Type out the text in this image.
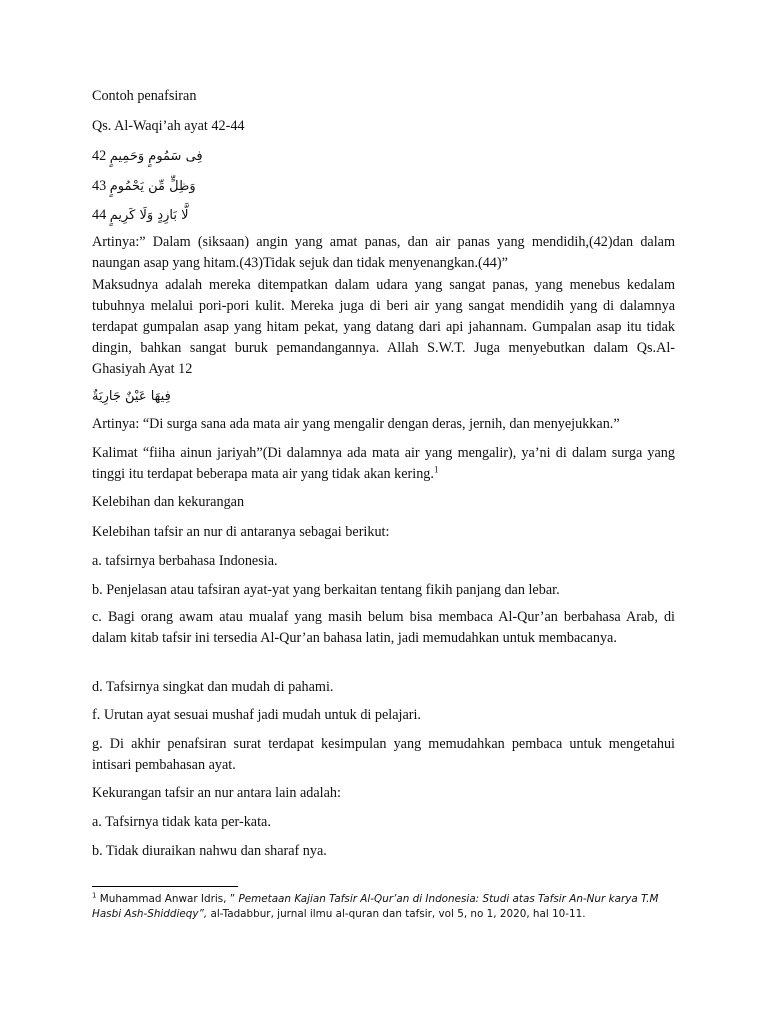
Contoh penafsiran

Qs. Al-Waqi’ah ayat 42-44

42 فِى سَمُومٍ وَحَمِيمٍ
43 وَظِلٍّ مِّن يَحْمُومٍ
44 لَّا بَارِدٍ وَلَا كَرِيمٍ

Artinya:” Dalam (siksaan) angin yang amat panas, dan air panas yang mendidih,(42)dan dalam naungan asap yang hitam.(43)Tidak sejuk dan tidak menyenangkan.(44)”

Maksudnya adalah mereka ditempatkan dalam udara yang sangat panas, yang menebus kedalam tubuhnya melalui pori-pori kulit. Mereka juga di beri air yang sangat mendidih yang di dalamnya terdapat gumpalan asap yang hitam pekat, yang datang dari api jahannam. Gumpalan asap itu tidak dingin, bahkan sangat buruk pemandangannya. Allah S.W.T. Juga menyebutkan dalam Qs.Al-Ghasiyah Ayat 12

فِيهَا عَيْنٌ جَارِيَةٌ

Artinya: “Di surga sana ada mata air yang mengalir dengan deras, jernih, dan menyejukkan.”

Kalimat “fiiha ainun jariyah”(Di dalamnya ada mata air yang mengalir), ya’ni di dalam surga yang tinggi itu terdapat beberapa mata air yang tidak akan kering.$^1$

Kelebihan dan kekurangan

Kelebihan tafsir an nur di antaranya sebagai berikut:

a. tafsirnya berbahasa Indonesia.

b. Penjelasan atau tafsiran ayat-yat yang berkaitan tentang fikih panjang dan lebar.

c. Bagi orang awam atau mualaf yang masih belum bisa membaca Al-Qur’an berbahasa Arab, di dalam kitab tafsir ini tersedia Al-Qur’an bahasa latin, jadi memudahkan untuk membacanya.

d. Tafsirnya singkat dan mudah di pahami.

f. Urutan ayat sesuai mushaf jadi mudah untuk di pelajari.

g. Di akhir penafsiran surat terdapat kesimpulan yang memudahkan pembaca untuk mengetahui intisari pembahasan ayat.

Kekurangan tafsir an nur antara lain adalah:

a. Tafsirnya tidak kata per-kata.

b. Tidak diuraikan nahwu dan sharaf nya.

$^1$ Muhammad Anwar Idris, ” Pemetaan Kajian Tafsir Al-Qur’an di Indonesia: Studi atas Tafsir An-Nur karya T.M Hasbi Ash-Shiddieqy”, al-Tadabbur, jurnal ilmu al-quran dan tafsir, vol 5, no 1, 2020, hal 10-11.
